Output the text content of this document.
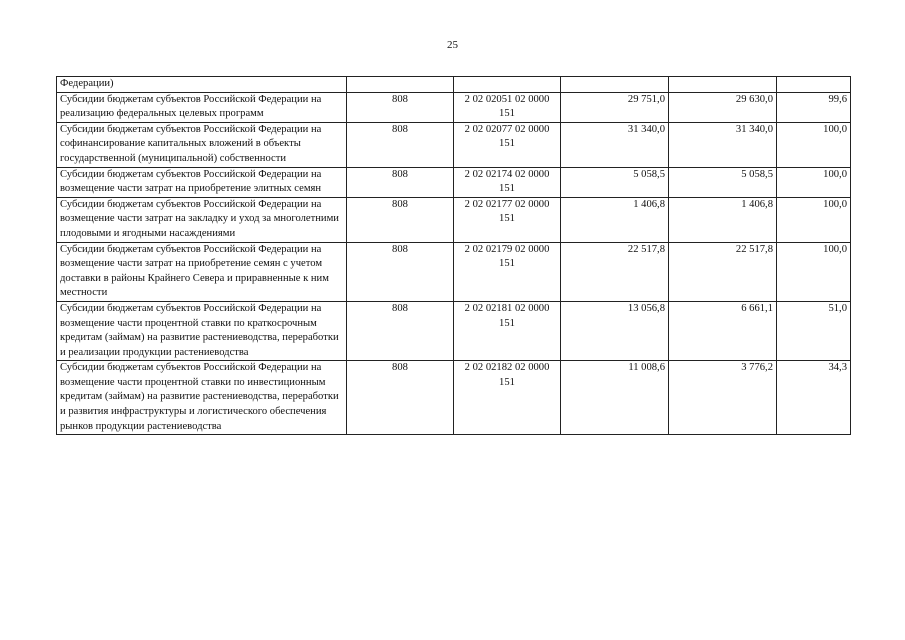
25
Федерации)					
Субсидии бюджетам субъектов Российской Федерации на реализацию федеральных целевых программ	808	2 02 02051 02 0000 151	29 751,0	29 630,0	99,6
Субсидии бюджетам субъектов Российской Федерации на софинансирование капитальных вложений в объекты государственной (муниципальной) собственности	808	2 02 02077 02 0000 151	31 340,0	31 340,0	100,0
Субсидии бюджетам субъектов Российской Федерации на возмещение части затрат на приобретение элитных семян	808	2 02 02174 02 0000 151	5 058,5	5 058,5	100,0
Субсидии бюджетам субъектов Российской Федерации на возмещение части затрат на закладку и уход за многолетними плодовыми и ягодными насаждениями	808	2 02 02177 02 0000 151	1 406,8	1 406,8	100,0
Субсидии бюджетам субъектов Российской Федерации на возмещение части затрат на приобретение семян с учетом доставки в районы Крайнего Севера и приравненные к ним местности	808	2 02 02179 02 0000 151	22 517,8	22 517,8	100,0
Субсидии бюджетам субъектов Российской Федерации на возмещение части процентной ставки по краткосрочным кредитам (займам) на развитие растениеводства, переработки и реализации продукции растениеводства	808	2 02 02181 02 0000 151	13 056,8	6 661,1	51,0
Субсидии бюджетам субъектов Российской Федерации на возмещение части процентной ставки по инвестиционным кредитам (займам) на развитие растениеводства, переработки и развития инфраструктуры и логистического обеспечения рынков продукции растениеводства	808	2 02 02182 02 0000 151	11 008,6	3 776,2	34,3
